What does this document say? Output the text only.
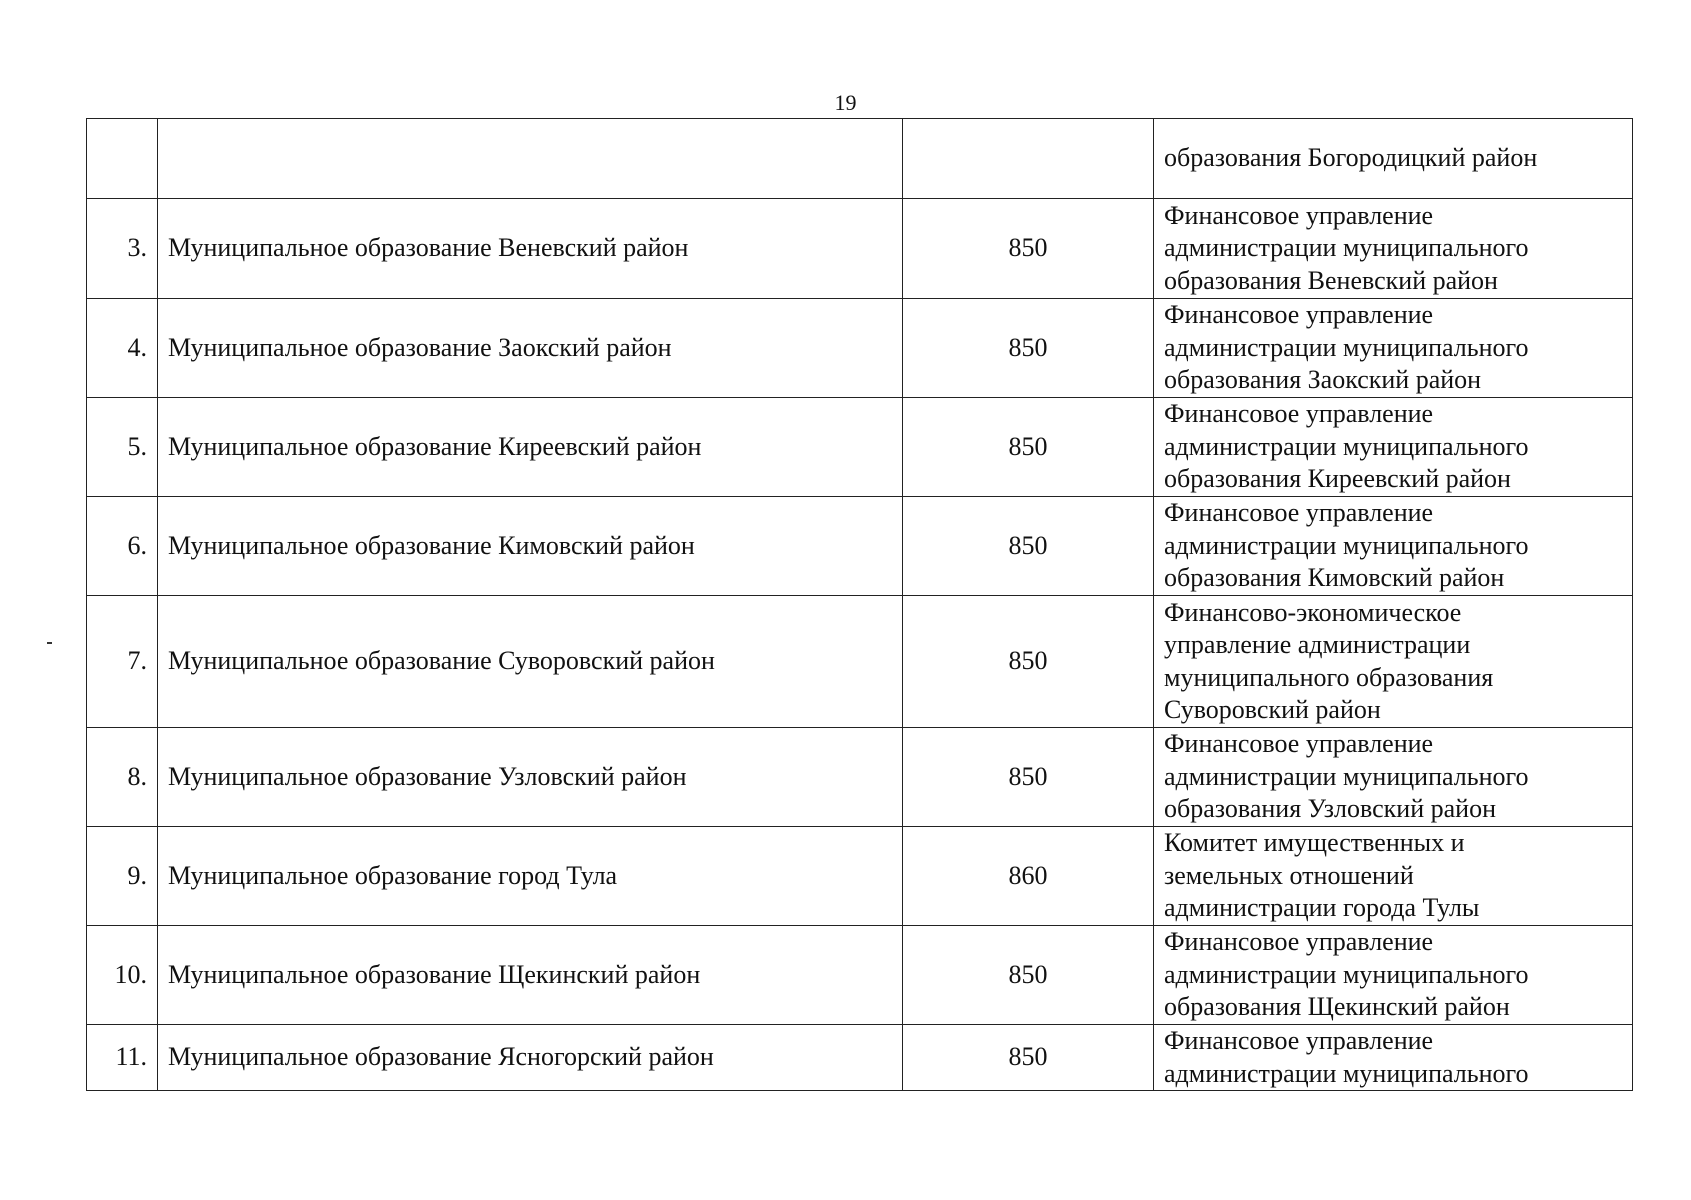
19

			образования Богородицкий район

3.	Муниципальное образование Веневский район	850	Финансовое управление
администрации муниципального
образования Веневский район

4.	Муниципальное образование Заокский район	850	Финансовое управление
администрации муниципального
образования Заокский район

5.	Муниципальное образование Киреевский район	850	Финансовое управление
администрации муниципального
образования Киреевский район

6.	Муниципальное образование Кимовский район	850	Финансовое управление
администрации муниципального
образования Кимовский район

7.	Муниципальное образование Суворовский район	850	Финансово-экономическое
управление администрации
муниципального образования
Суворовский район

8.	Муниципальное образование Узловский район	850	Финансовое управление
администрации муниципального
образования Узловский район

9.	Муниципальное образование город Тула	860	Комитет имущественных и
земельных отношений
администрации города Тулы

10.	Муниципальное образование Щекинский район	850	Финансовое управление
администрации муниципального
образования Щекинский район

11.	Муниципальное образование Ясногорский район	850	Финансовое управление
администрации муниципального
